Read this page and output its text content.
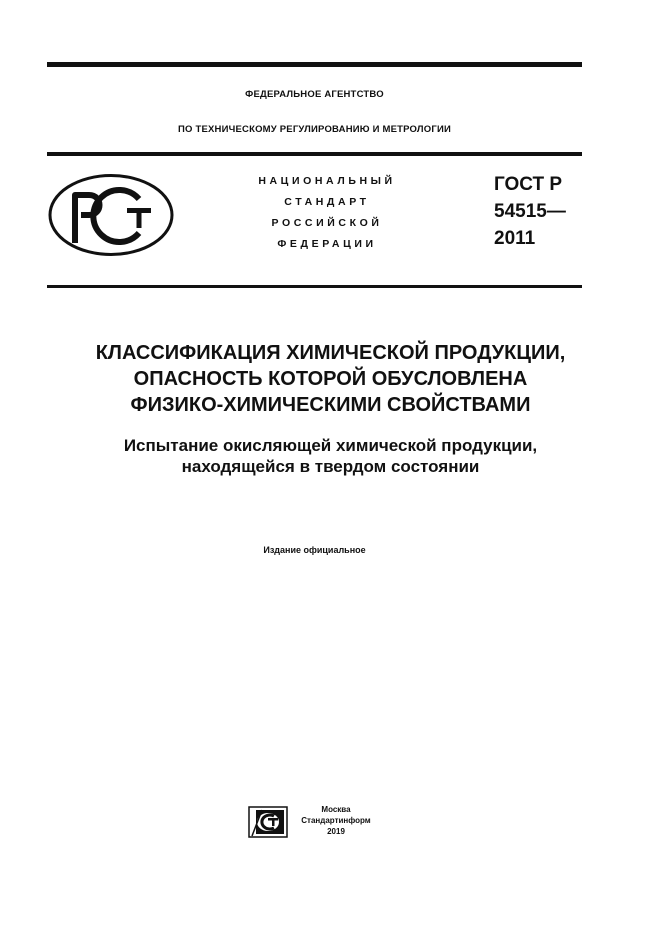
ФЕДЕРАЛЬНОЕ АГЕНТСТВО
ПО ТЕХНИЧЕСКОМУ РЕГУЛИРОВАНИЮ И МЕТРОЛОГИИ
НАЦИОНАЛЬНЫЙ
СТАНДАРТ
РОССИЙСКОЙ
ФЕДЕРАЦИИ
ГОСТ Р
54515—
2011
КЛАССИФИКАЦИЯ ХИМИЧЕСКОЙ ПРОДУКЦИИ,
ОПАСНОСТЬ КОТОРОЙ ОБУСЛОВЛЕНА
ФИЗИКО-ХИМИЧЕСКИМИ СВОЙСТВАМИ
Испытание окисляющей химической продукции,
находящейся в твердом состоянии
Издание официальное
Москва
Стандартинформ
2019
